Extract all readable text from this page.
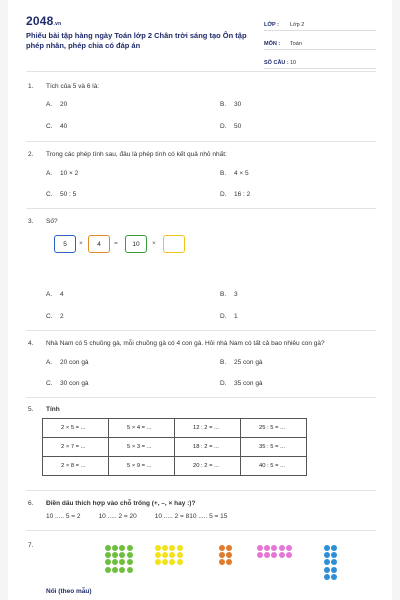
2048.vn
Phiếu bài tập hàng ngày Toán lớp 2 Chân trời sáng tạo Ôn tập phép nhân, phép chia có đáp án
LỚP :	Lớp 2
MÔN :	Toán
SỐ CÂU : 10
1. Tích của 5 và 6 là:
A. 20	B. 30
C. 40	D. 50
2. Trong các phép tính sau, đâu là phép tính có kết quả nhỏ nhất:
A. 10 × 2	B. 4 × 5
C. 50 : 5	D. 16 : 2
3. Số?
5	×	4	=	10	×
A. 4	B. 3
C. 2	D. 1
4. Nhà Nam có 5 chuồng gà, mỗi chuồng gà có 4 con gà. Hỏi nhà Nam có tất cả bao nhiêu con gà?
A. 20 con gà	B. 25 con gà
C. 30 con gà	D. 35 con gà
5. Tính
2 × 5 = ...	5 × 4 = ...	12 : 2 = ...	25 : 5 = ...
2 × 7 = ...	5 × 3 = ...	18 : 2 = ...	35 : 5 = ...
2 × 8 = ...	5 × 9 = ...	20 : 2 = ...	40 : 5 = ...
6. Điền dấu thích hợp vào chỗ trống (+, –, × hay :)?
10 ..... 5 = 2          10 ..... 2 = 20          10 ..... 2 = 810 ..... 5 = 15
7.
Nối (theo mẫu)
